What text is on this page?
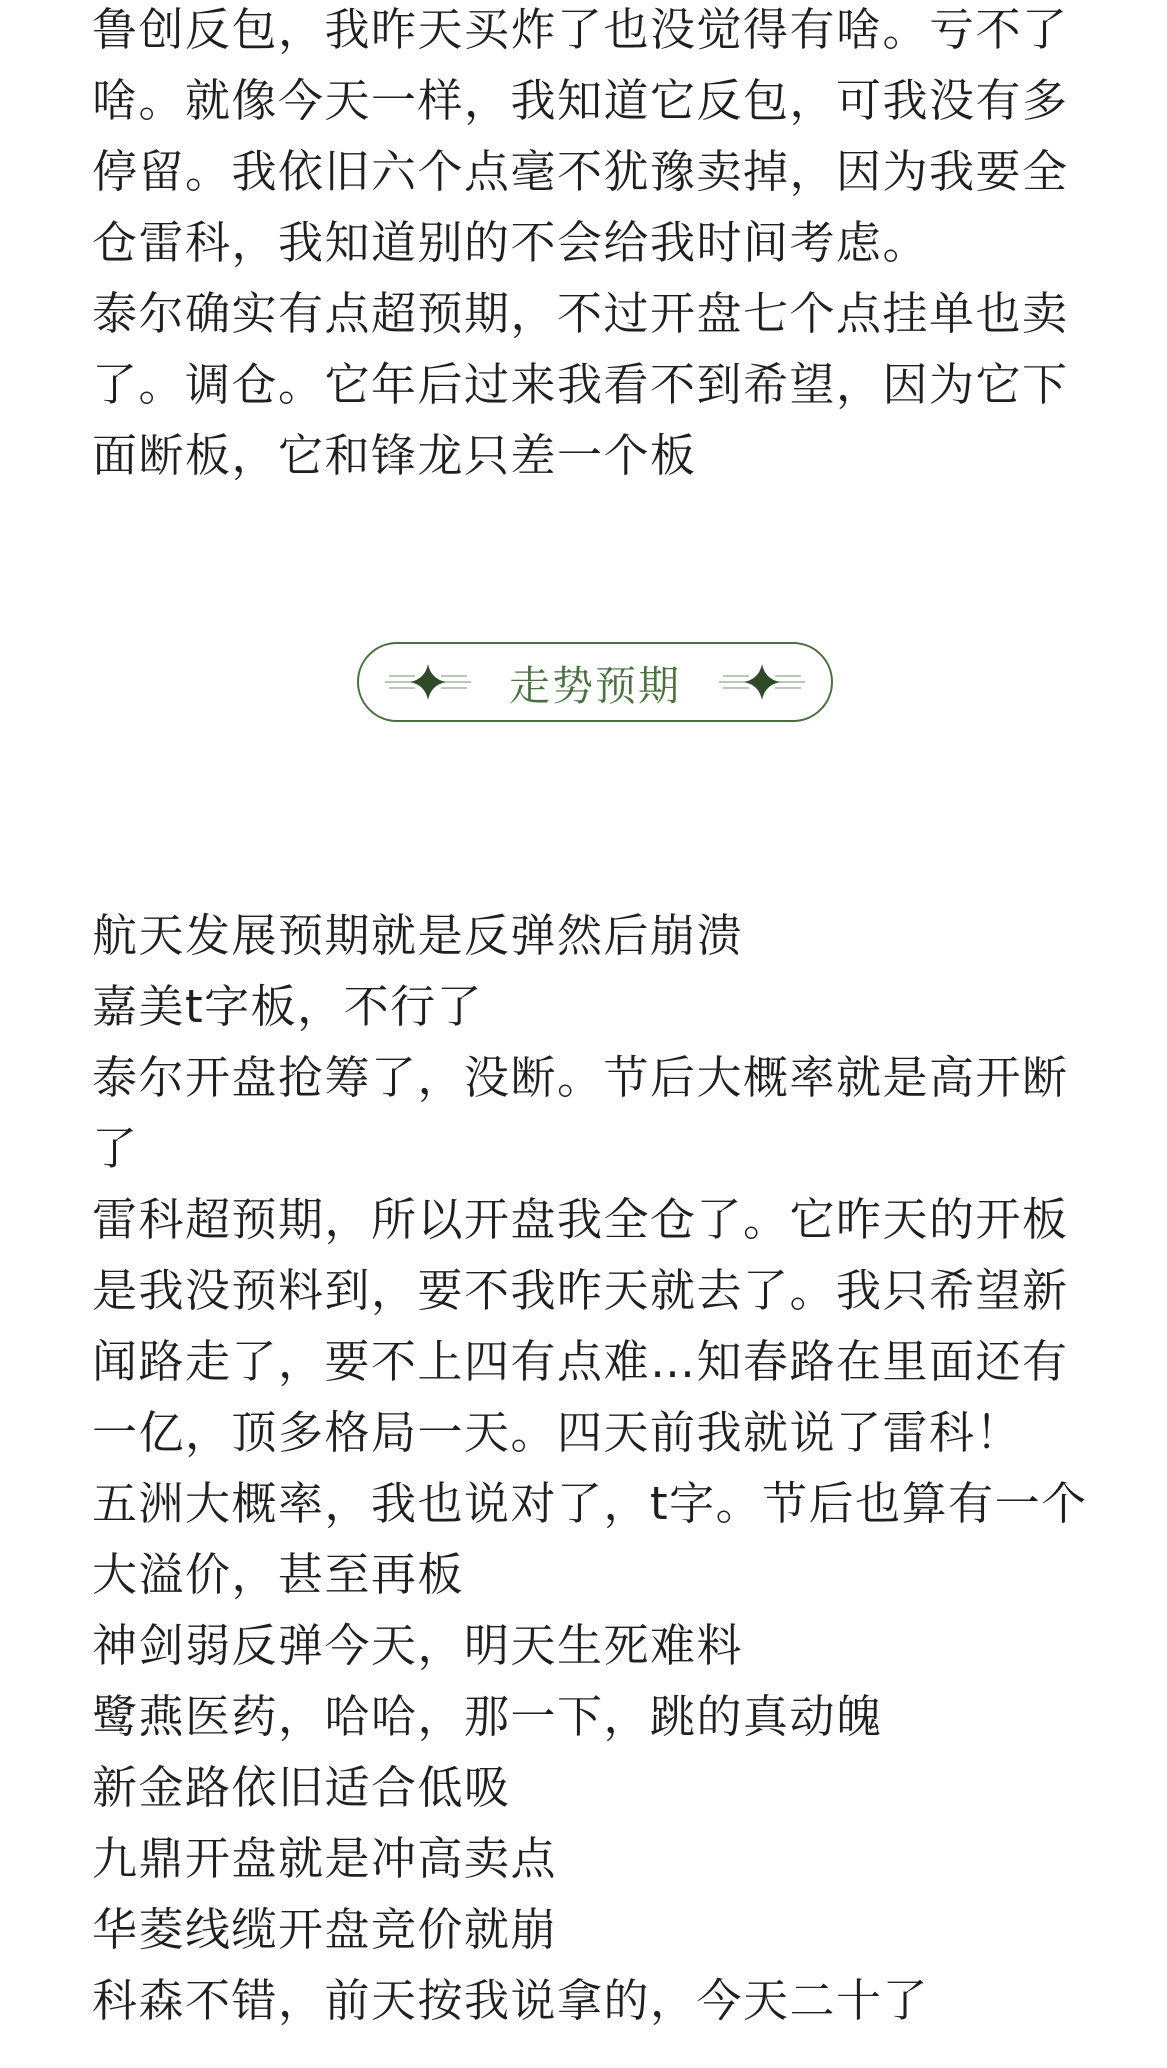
鲁创反包，我昨天买炸了也没觉得有啥。亏不了啥。就像今天一样，我知道它反包，可我没有多停留。我依旧六个点毫不犹豫卖掉，因为我要全仓雷科，我知道别的不会给我时间考虑。

泰尔确实有点超预期，不过开盘七个点挂单也卖了。调仓。它年后过来我看不到希望，因为它下面断板，它和锋龙只差一个板

走势预期

航天发展预期就是反弹然后崩溃

嘉美t字板，不行了

泰尔开盘抢筹了，没断。节后大概率就是高开断了

雷科超预期，所以开盘我全仓了。它昨天的开板是我没预料到，要不我昨天就去了。我只希望新闻路走了，要不上四有点难…知春路在里面还有一亿，顶多格局一天。四天前我就说了雷科！

五洲大概率，我也说对了，t字。节后也算有一个大溢价，甚至再板

神剑弱反弹今天，明天生死难料

鹭燕医药，哈哈，那一下，跳的真动魄

新金路依旧适合低吸

九鼎开盘就是冲高卖点

华菱线缆开盘竞价就崩

科森不错，前天按我说拿的，今天二十了
